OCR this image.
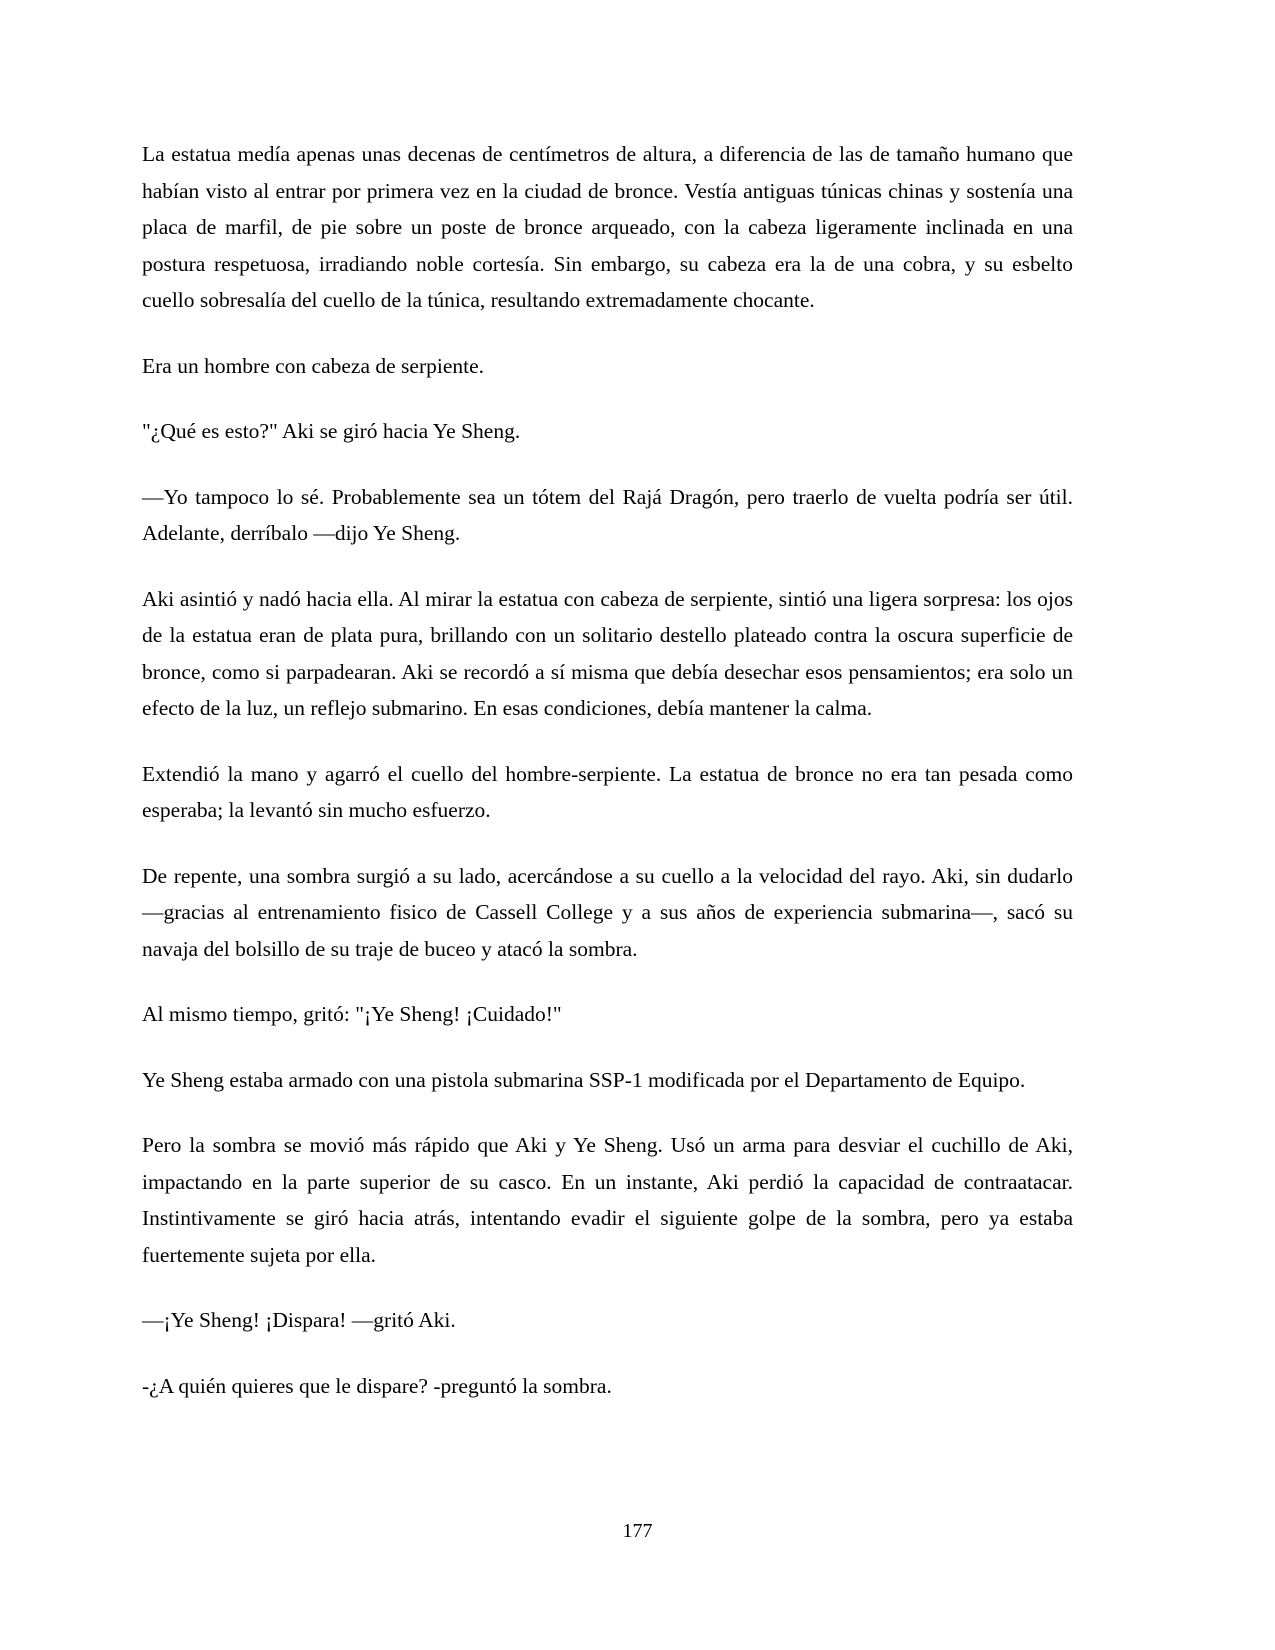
La estatua medía apenas unas decenas de centímetros de altura, a diferencia de las de tamaño humano que habían visto al entrar por primera vez en la ciudad de bronce. Vestía antiguas túnicas chinas y sostenía una placa de marfil, de pie sobre un poste de bronce arqueado, con la cabeza ligeramente inclinada en una postura respetuosa, irradiando noble cortesía. Sin embargo, su cabeza era la de una cobra, y su esbelto cuello sobresalía del cuello de la túnica, resultando extremadamente chocante.

Era un hombre con cabeza de serpiente.

"¿Qué es esto?" Aki se giró hacia Ye Sheng.

—Yo tampoco lo sé. Probablemente sea un tótem del Rajá Dragón, pero traerlo de vuelta podría ser útil. Adelante, derríbalo —dijo Ye Sheng.

Aki asintió y nadó hacia ella. Al mirar la estatua con cabeza de serpiente, sintió una ligera sorpresa: los ojos de la estatua eran de plata pura, brillando con un solitario destello plateado contra la oscura superficie de bronce, como si parpadearan. Aki se recordó a sí misma que debía desechar esos pensamientos; era solo un efecto de la luz, un reflejo submarino. En esas condiciones, debía mantener la calma.

Extendió la mano y agarró el cuello del hombre-serpiente. La estatua de bronce no era tan pesada como esperaba; la levantó sin mucho esfuerzo.

De repente, una sombra surgió a su lado, acercándose a su cuello a la velocidad del rayo. Aki, sin dudarlo —gracias al entrenamiento fisico de Cassell College y a sus años de experiencia submarina—, sacó su navaja del bolsillo de su traje de buceo y atacó la sombra.

Al mismo tiempo, gritó: "¡Ye Sheng! ¡Cuidado!"

Ye Sheng estaba armado con una pistola submarina SSP-1 modificada por el Departamento de Equipo.

Pero la sombra se movió más rápido que Aki y Ye Sheng. Usó un arma para desviar el cuchillo de Aki, impactando en la parte superior de su casco. En un instante, Aki perdió la capacidad de contraatacar. Instintivamente se giró hacia atrás, intentando evadir el siguiente golpe de la sombra, pero ya estaba fuertemente sujeta por ella.

—¡Ye Sheng! ¡Dispara! —gritó Aki.

-¿A quién quieres que le dispare? -preguntó la sombra.

177
